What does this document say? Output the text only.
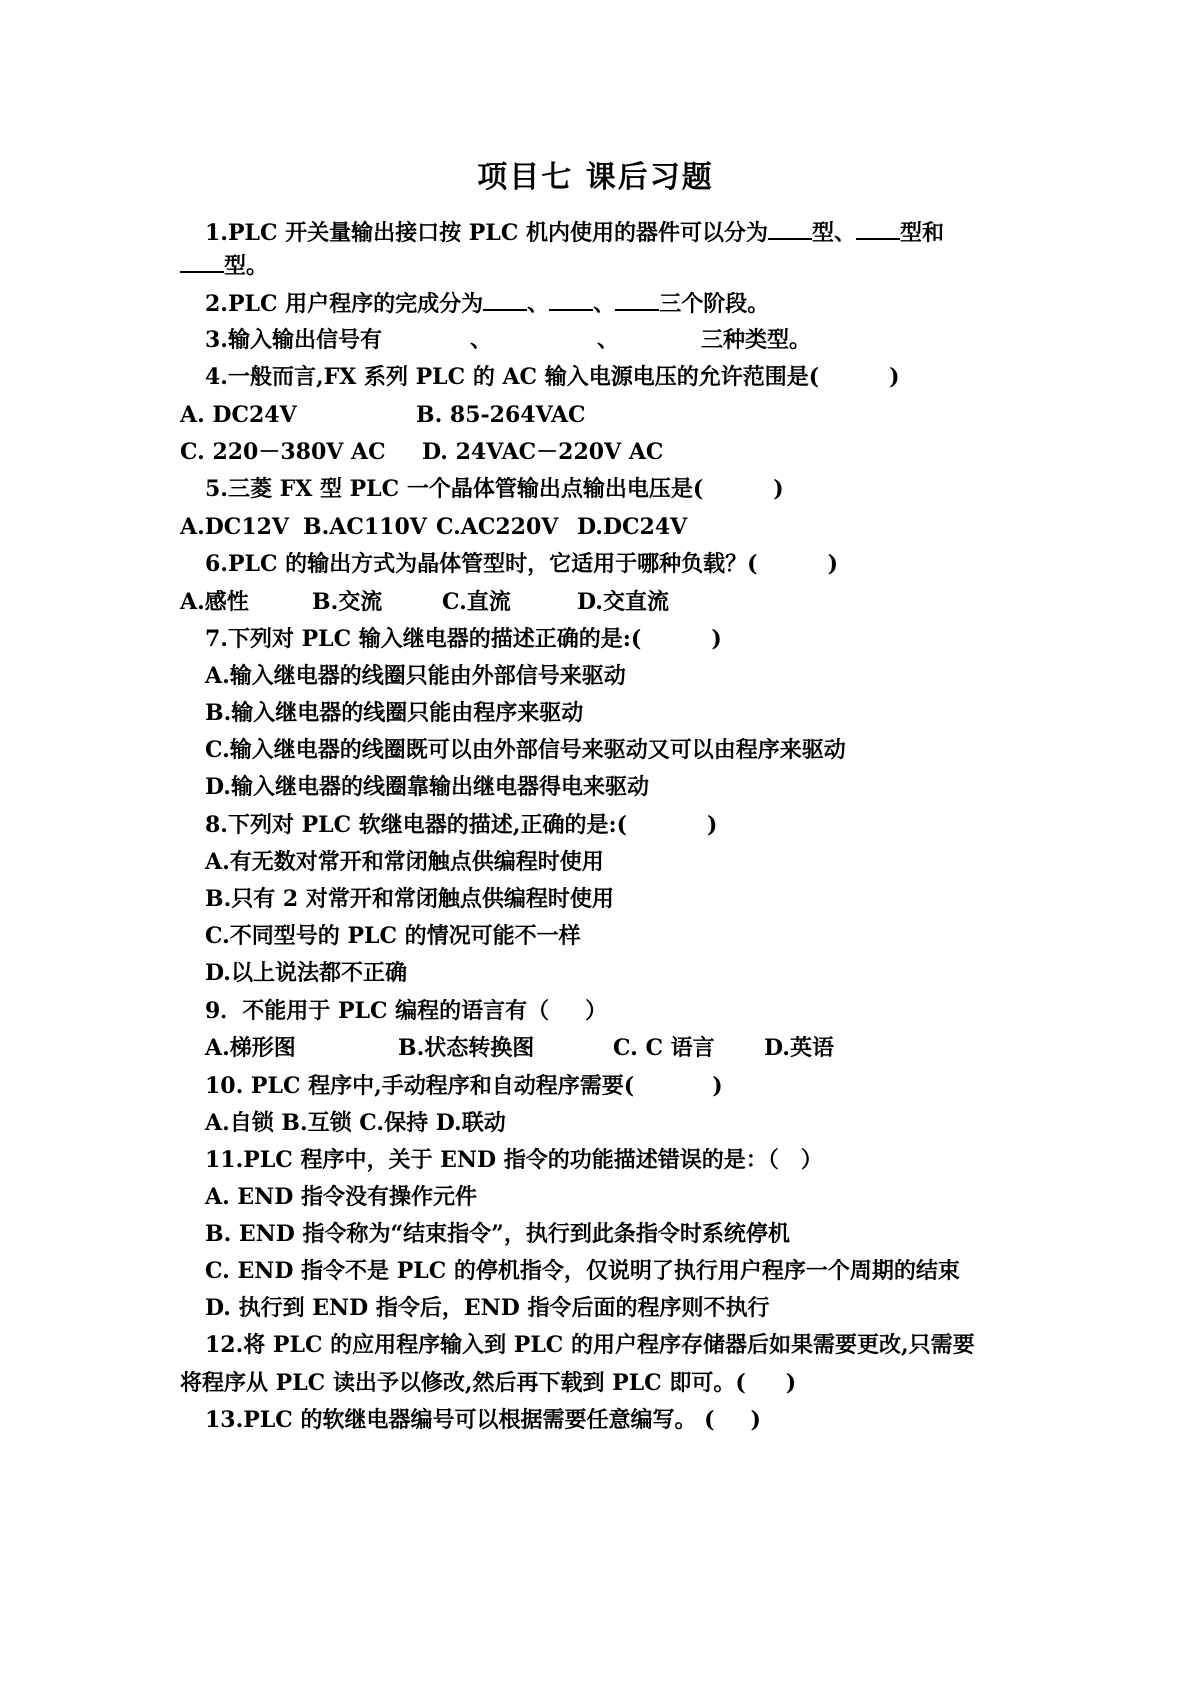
项目七 课后习题
1.PLC 开关量输出接口按 PLC 机内使用的器件可以分为 型、 型和
型。
2.PLC 用户程序的完成分为 、 、 三个阶段。
3.输入输出信号有	、	、	三种类型。
4.一般而言,FX 系列 PLC 的 AC 输入电源电压的允许范围是(	)
A. DC24V	B. 85-264VAC
C. 220－380V AC D. 24VAC－220V AC
5.三菱 FX 型 PLC 一个晶体管输出点输出电压是(	)
A.DC12V B.AC110V C.AC220V D.DC24V
6.PLC 的输出方式为晶体管型时，它适用于哪种负载？(	)
A.感性	B.交流	C.直流	D.交直流
7.下列对 PLC 输入继电器的描述正确的是:(	)
A.输入继电器的线圈只能由外部信号来驱动
B.输入继电器的线圈只能由程序来驱动
C.输入继电器的线圈既可以由外部信号来驱动又可以由程序来驱动
D.输入继电器的线圈靠输出继电器得电来驱动
8.下列对 PLC 软继电器的描述,正确的是:(	)
A.有无数对常开和常闭触点供编程时使用
B.只有 2 对常开和常闭触点供编程时使用
C.不同型号的 PLC 的情况可能不一样
D.以上说法都不正确
9．不能用于 PLC 编程的语言有（ ）
A.梯形图	B.状态转换图	C. C 语言 D.英语
10. PLC 程序中,手动程序和自动程序需要(	)
A.自锁 B.互锁 C.保持 D.联动
11.PLC 程序中，关于 END 指令的功能描述错误的是：（ ）
A. END 指令没有操作元件
B. END 指令称为“结束指令”，执行到此条指令时系统停机
C. END 指令不是 PLC 的停机指令，仅说明了执行用户程序一个周期的结束
D. 执行到 END 指令后，END 指令后面的程序则不执行
12.将 PLC 的应用程序输入到 PLC 的用户程序存储器后如果需要更改,只需要
将程序从 PLC 读出予以修改,然后再下载到 PLC 即可。( )
13.PLC 的软继电器编号可以根据需要任意编写。 ( )
